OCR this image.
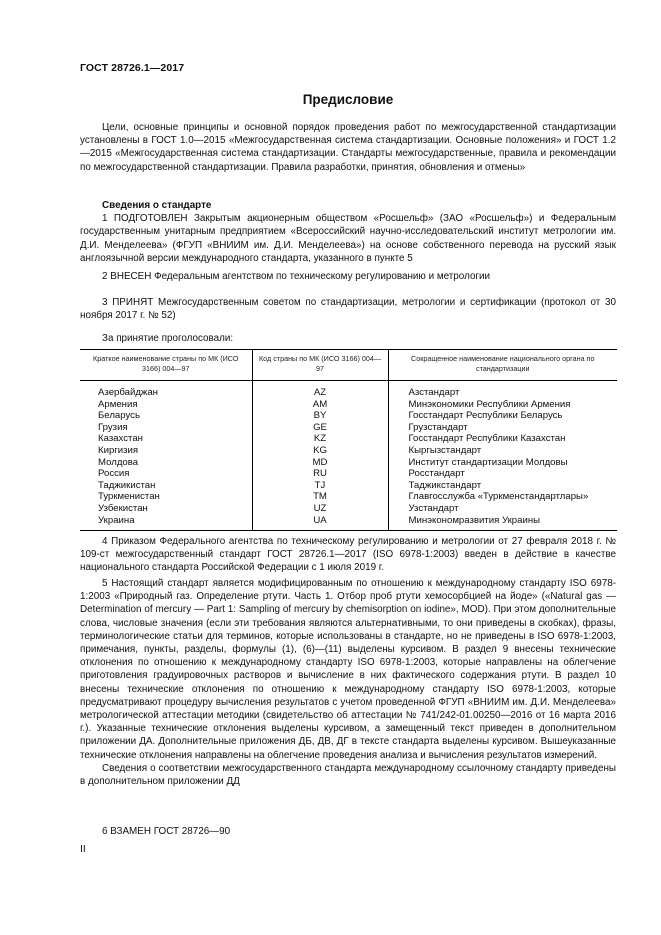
ГОСТ 28726.1—2017
Предисловие

Цели, основные принципы и основной порядок проведения работ по межгосударственной стандартизации установлены в ГОСТ 1.0—2015 «Межгосударственная система стандартизации. Основные положения» и ГОСТ 1.2—2015 «Межгосударственная система стандартизации. Стандарты межгосударственные, правила и рекомендации по межгосударственной стандартизации. Правила разработки, принятия, обновления и отмены»

Сведения о стандарте

1 ПОДГОТОВЛЕН Закрытым акционерным обществом «Росшельф» (ЗАО «Росшельф») и Федеральным государственным унитарным предприятием «Всероссийский научно-исследовательский институт метрологии им. Д.И. Менделеева» (ФГУП «ВНИИМ им. Д.И. Менделеева») на основе собственного перевода на русский язык англоязычной версии международного стандарта, указанного в пункте 5

2 ВНЕСЕН Федеральным агентством по техническому регулированию и метрологии

3 ПРИНЯТ Межгосударственным советом по стандартизации, метрологии и сертификации (протокол от 30 ноября 2017 г. № 52)

За принятие проголосовали:

Краткое наименование страны по МК (ИСО 3166) 004—97	Код страны по МК (ИСО 3166) 004—97	Сокращенное наименование национального органа по стандартизации
Азербайджан	AZ	Азстандарт
Армения	AM	Минэкономики Республики Армения
Беларусь	BY	Госстандарт Республики Беларусь
Грузия	GE	Грузстандарт
Казахстан	KZ	Госстандарт Республики Казахстан
Киргизия	KG	Кыргызстандарт
Молдова	MD	Институт стандартизации Молдовы
Россия	RU	Росстандарт
Таджикистан	TJ	Таджикстандарт
Туркменистан	TM	Главгосслужба «Туркменстандартлары»
Узбекистан	UZ	Узстандарт
Украина	UA	Минэкономразвития Украины

4 Приказом Федерального агентства по техническому регулированию и метрологии от 27 февраля 2018 г. № 109-ст межгосударственный стандарт ГОСТ 28726.1—2017 (ISO 6978-1:2003) введен в действие в качестве национального стандарта Российской Федерации с 1 июля 2019 г.

5 Настоящий стандарт является модифицированным по отношению к международному стандарту ISO 6978-1:2003 «Природный газ. Определение ртути. Часть 1. Отбор проб ртути хемосорбцией на йоде» («Natural gas — Determination of mercury — Part 1: Sampling of mercury by chemisorption on iodine», MOD). При этом дополнительные слова, числовые значения (если эти требования являются альтернативными, то они приведены в скобках), фразы, терминологические статьи для терминов, которые использованы в стандарте, но не приведены в ISO 6978-1:2003, примечания, пункты, разделы, формулы (1), (6)—(11) выделены курсивом. В раздел 9 внесены технические отклонения по отношению к международному стандарту ISO 6978-1:2003, которые направлены на облегчение приготовления градуировочных растворов и вычисление в них фактического содержания ртути. В раздел 10 внесены технические отклонения по отношению к международному стандарту ISO 6978-1:2003, которые предусматривают процедуру вычисления результатов с учетом проведенной ФГУП «ВНИИМ им. Д.И. Менделеева» метрологической аттестации методики (свидетельство об аттестации № 741/242-01.00250—2016 от 16 марта 2016 г.). Указанные технические отклонения выделены курсивом, а замещенный текст приведен в дополнительном приложении ДА. Дополнительные приложения ДБ, ДВ, ДГ в тексте стандарта выделены курсивом. Вышеуказанные технические отклонения направлены на облегчение проведения анализа и вычисления результатов измерений.

Сведения о соответствии межгосударственного стандарта международному ссылочному стандарту приведены в дополнительном приложении ДД

6 ВЗАМЕН ГОСТ 28726—90

II
